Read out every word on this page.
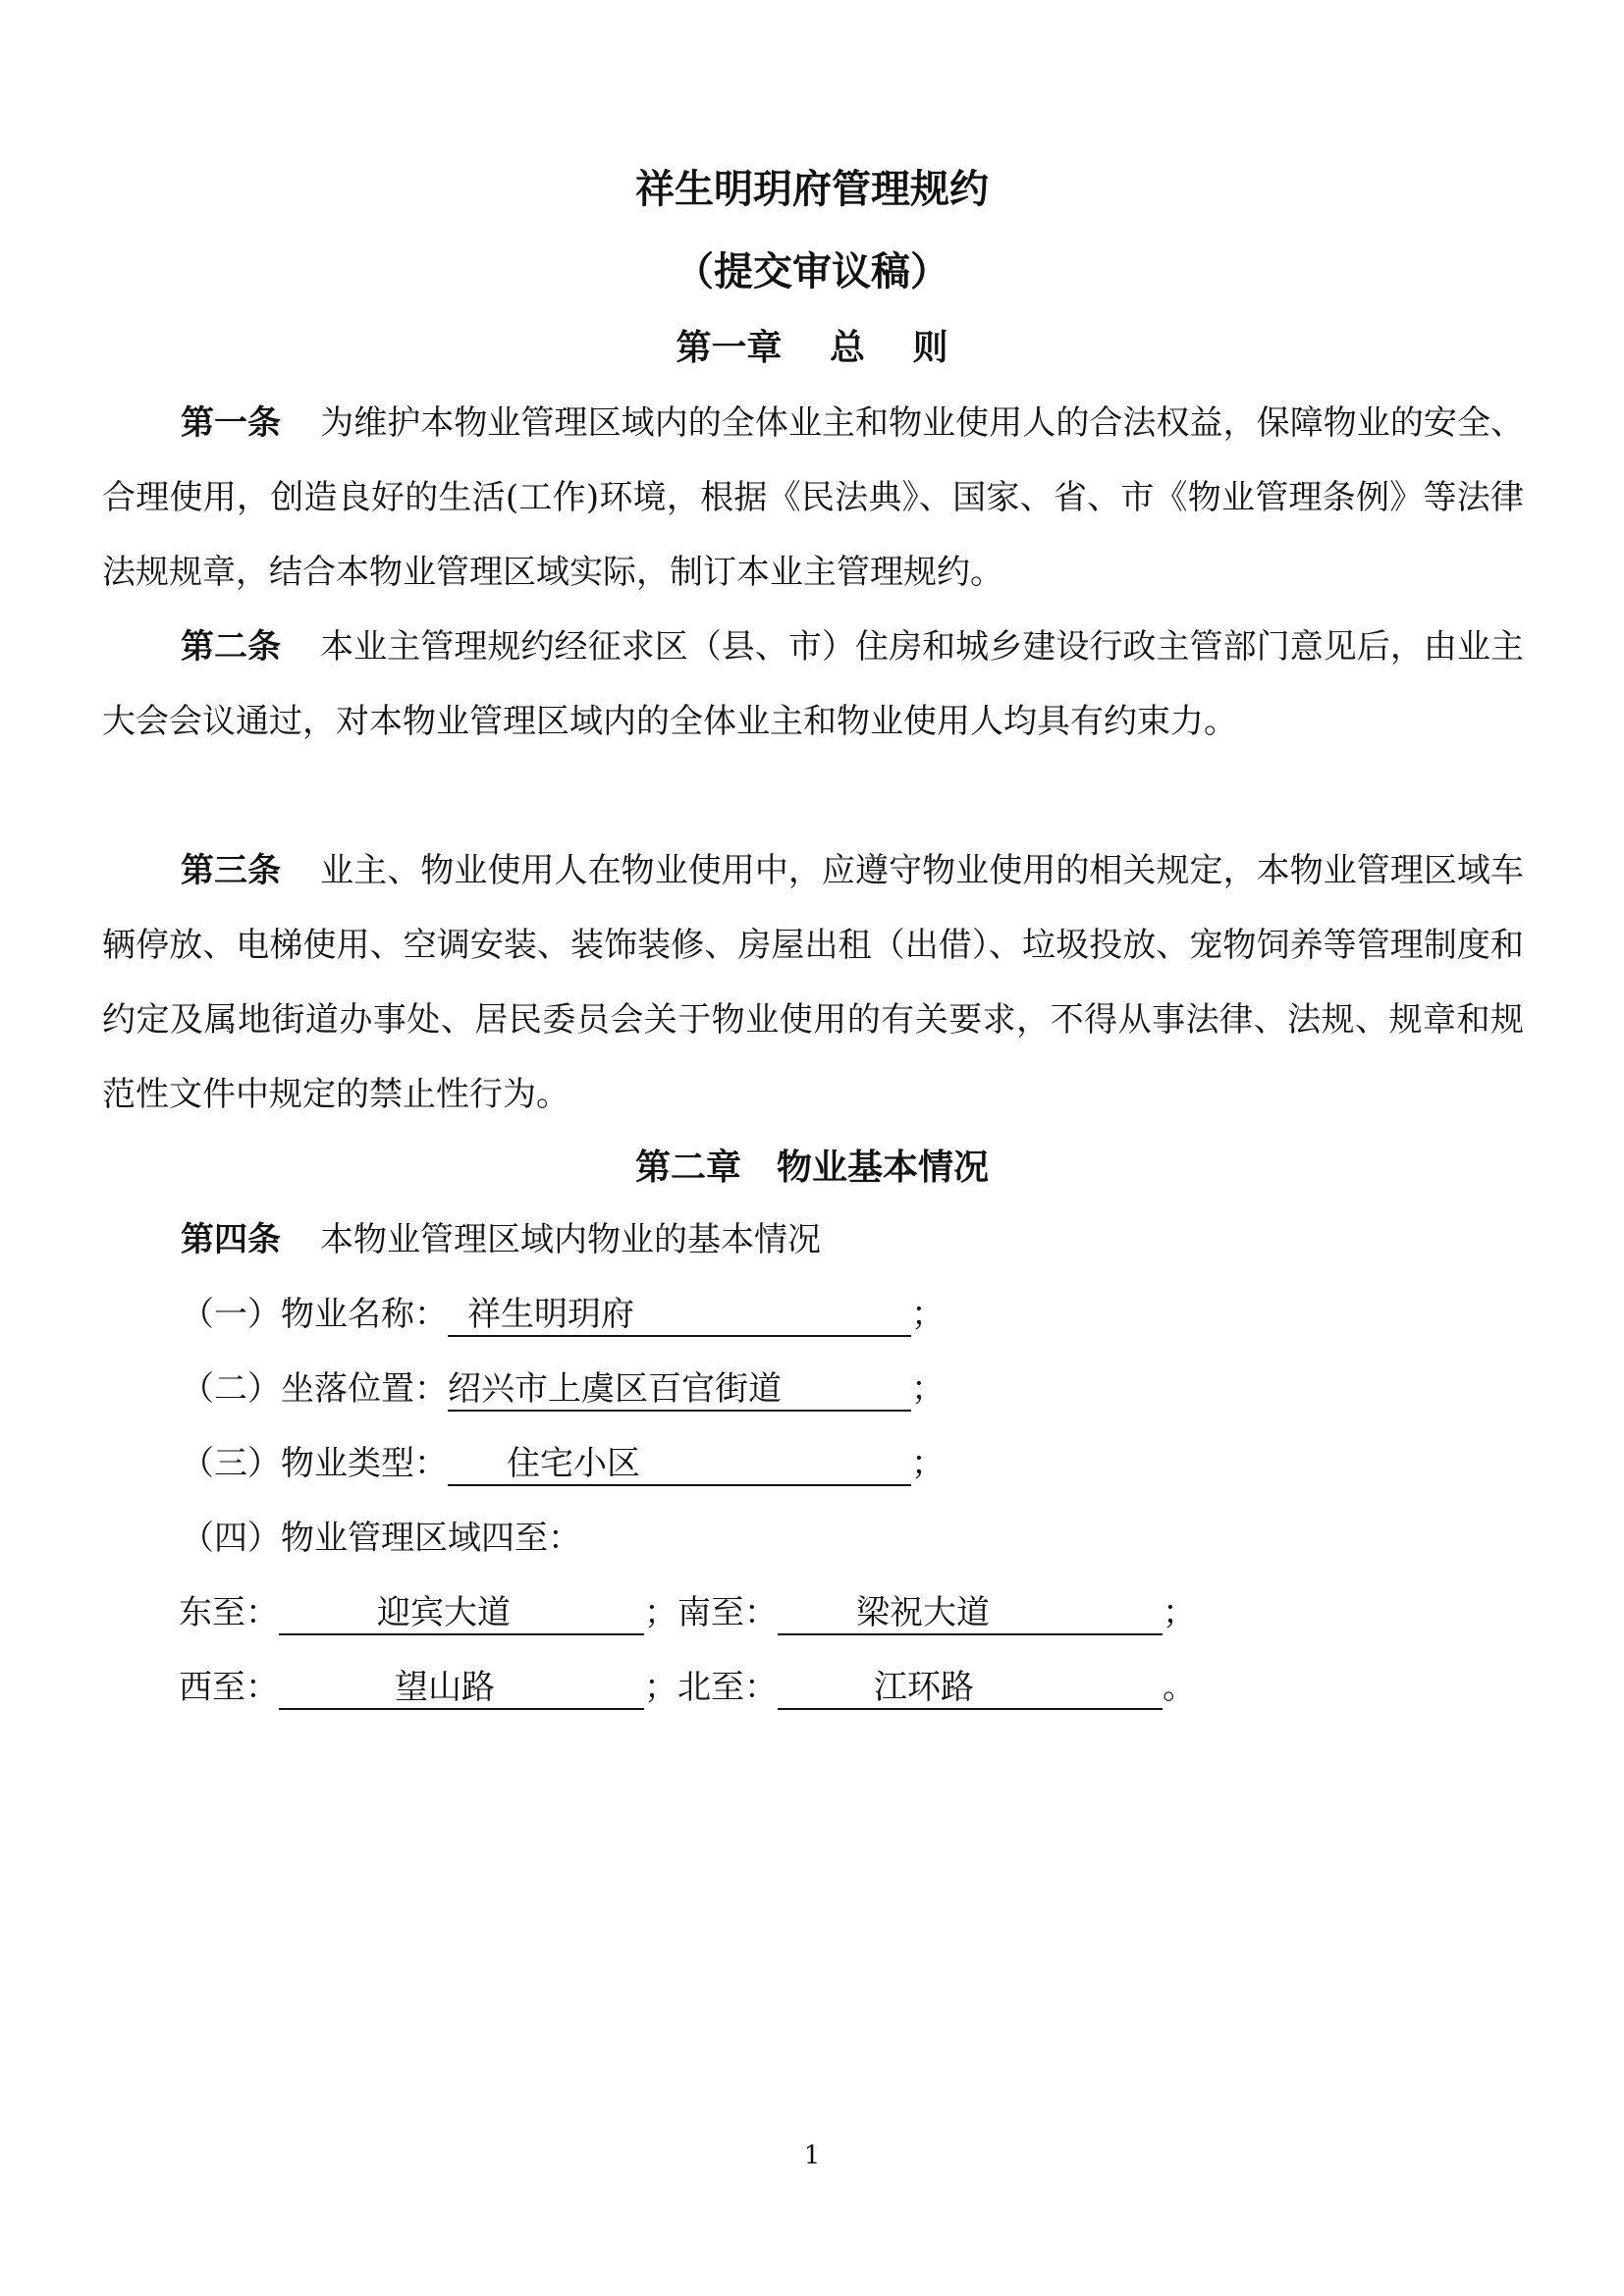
祥生明玥府管理规约
（提交审议稿）
第一章　 总　 则
第一条 为维护本物业管理区域内的全体业主和物业使用人的合法权益，保障物业的安全、合理使用，创造良好的生活(工作)环境，根据《民法典》、国家、省、市《物业管理条例》等法律法规规章，结合本物业管理区域实际，制订本业主管理规约。
第二条 本业主管理规约经征求区（县、市）住房和城乡建设行政主管部门意见后，由业主大会会议通过，对本物业管理区域内的全体业主和物业使用人均具有约束力。
第三条 业主、物业使用人在物业使用中，应遵守物业使用的相关规定，本物业管理区域车辆停放、电梯使用、空调安装、装饰装修、房屋出租（出借）、垃圾投放、宠物饲养等管理制度和约定及属地街道办事处、居民委员会关于物业使用的有关要求，不得从事法律、法规、规章和规范性文件中规定的禁止性行为。
第二章　物业基本情况
第四条 本物业管理区域内物业的基本情况
（一）物业名称： 祥生明玥府	；
（二）坐落位置： 绍兴市上虞区百官街道	；
（三）物业类型： 住宅小区	；
（四）物业管理区域四至：
东至：	迎宾大道	；南至： 梁祝大道	；
西至：	望山路	；北至：	江环路	。
1
